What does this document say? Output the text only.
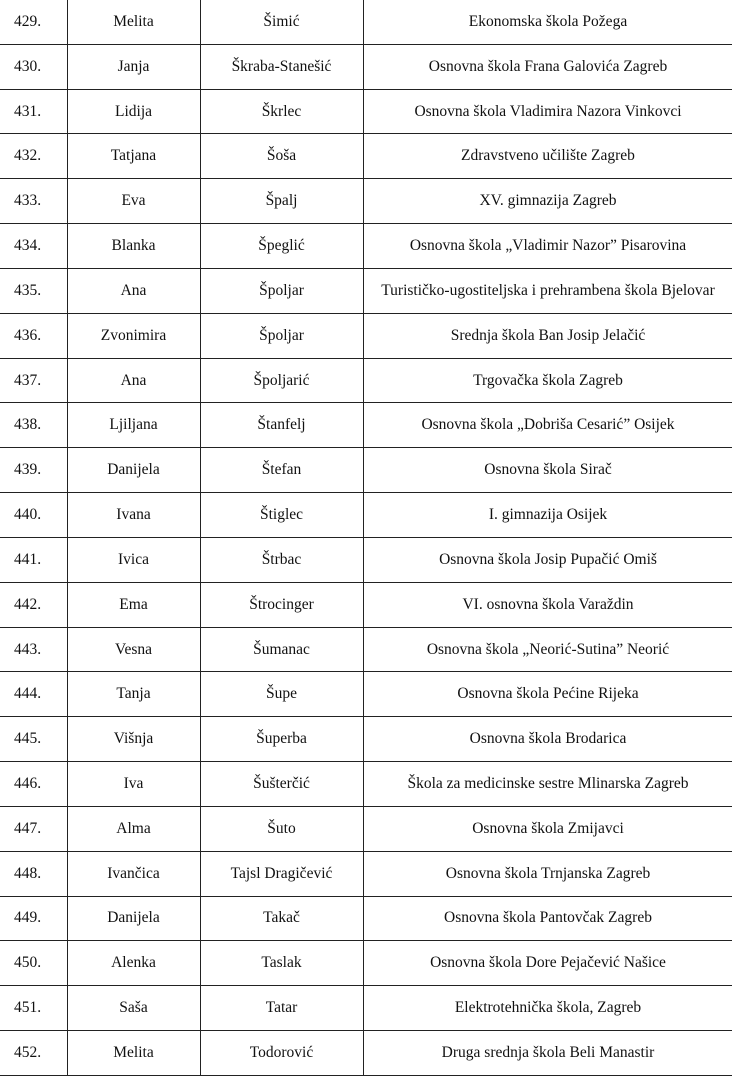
429.	Melita	Šimić	Ekonomska škola Požega
430.	Janja	Škraba-Stanešić	Osnovna škola Frana Galovića Zagreb
431.	Lidija	Škrlec	Osnovna škola Vladimira Nazora Vinkovci
432.	Tatjana	Šoša	Zdravstveno učilište Zagreb
433.	Eva	Špalj	XV. gimnazija Zagreb
434.	Blanka	Špeglić	Osnovna škola „Vladimir Nazor” Pisarovina
435.	Ana	Špoljar	Turističko-ugostiteljska i prehrambena škola Bjelovar
436.	Zvonimira	Špoljar	Srednja škola Ban Josip Jelačić
437.	Ana	Špoljarić	Trgovačka škola Zagreb
438.	Ljiljana	Štanfelj	Osnovna škola „Dobriša Cesarić” Osijek
439.	Danijela	Štefan	Osnovna škola Sirač
440.	Ivana	Štiglec	I. gimnazija Osijek
441.	Ivica	Štrbac	Osnovna škola Josip Pupačić Omiš
442.	Ema	Štrocinger	VI. osnovna škola Varaždin
443.	Vesna	Šumanac	Osnovna škola „Neorić-Sutina” Neorić
444.	Tanja	Šupe	Osnovna škola Pećine Rijeka
445.	Višnja	Šuperba	Osnovna škola Brodarica
446.	Iva	Šušterčić	Škola za medicinske sestre Mlinarska Zagreb
447.	Alma	Šuto	Osnovna škola Zmijavci
448.	Ivančica	Tajsl Dragičević	Osnovna škola Trnjanska Zagreb
449.	Danijela	Takač	Osnovna škola Pantovčak Zagreb
450.	Alenka	Taslak	Osnovna škola Dore Pejačević Našice
451.	Saša	Tatar	Elektrotehnička škola, Zagreb
452.	Melita	Todorović	Druga srednja škola Beli Manastir
